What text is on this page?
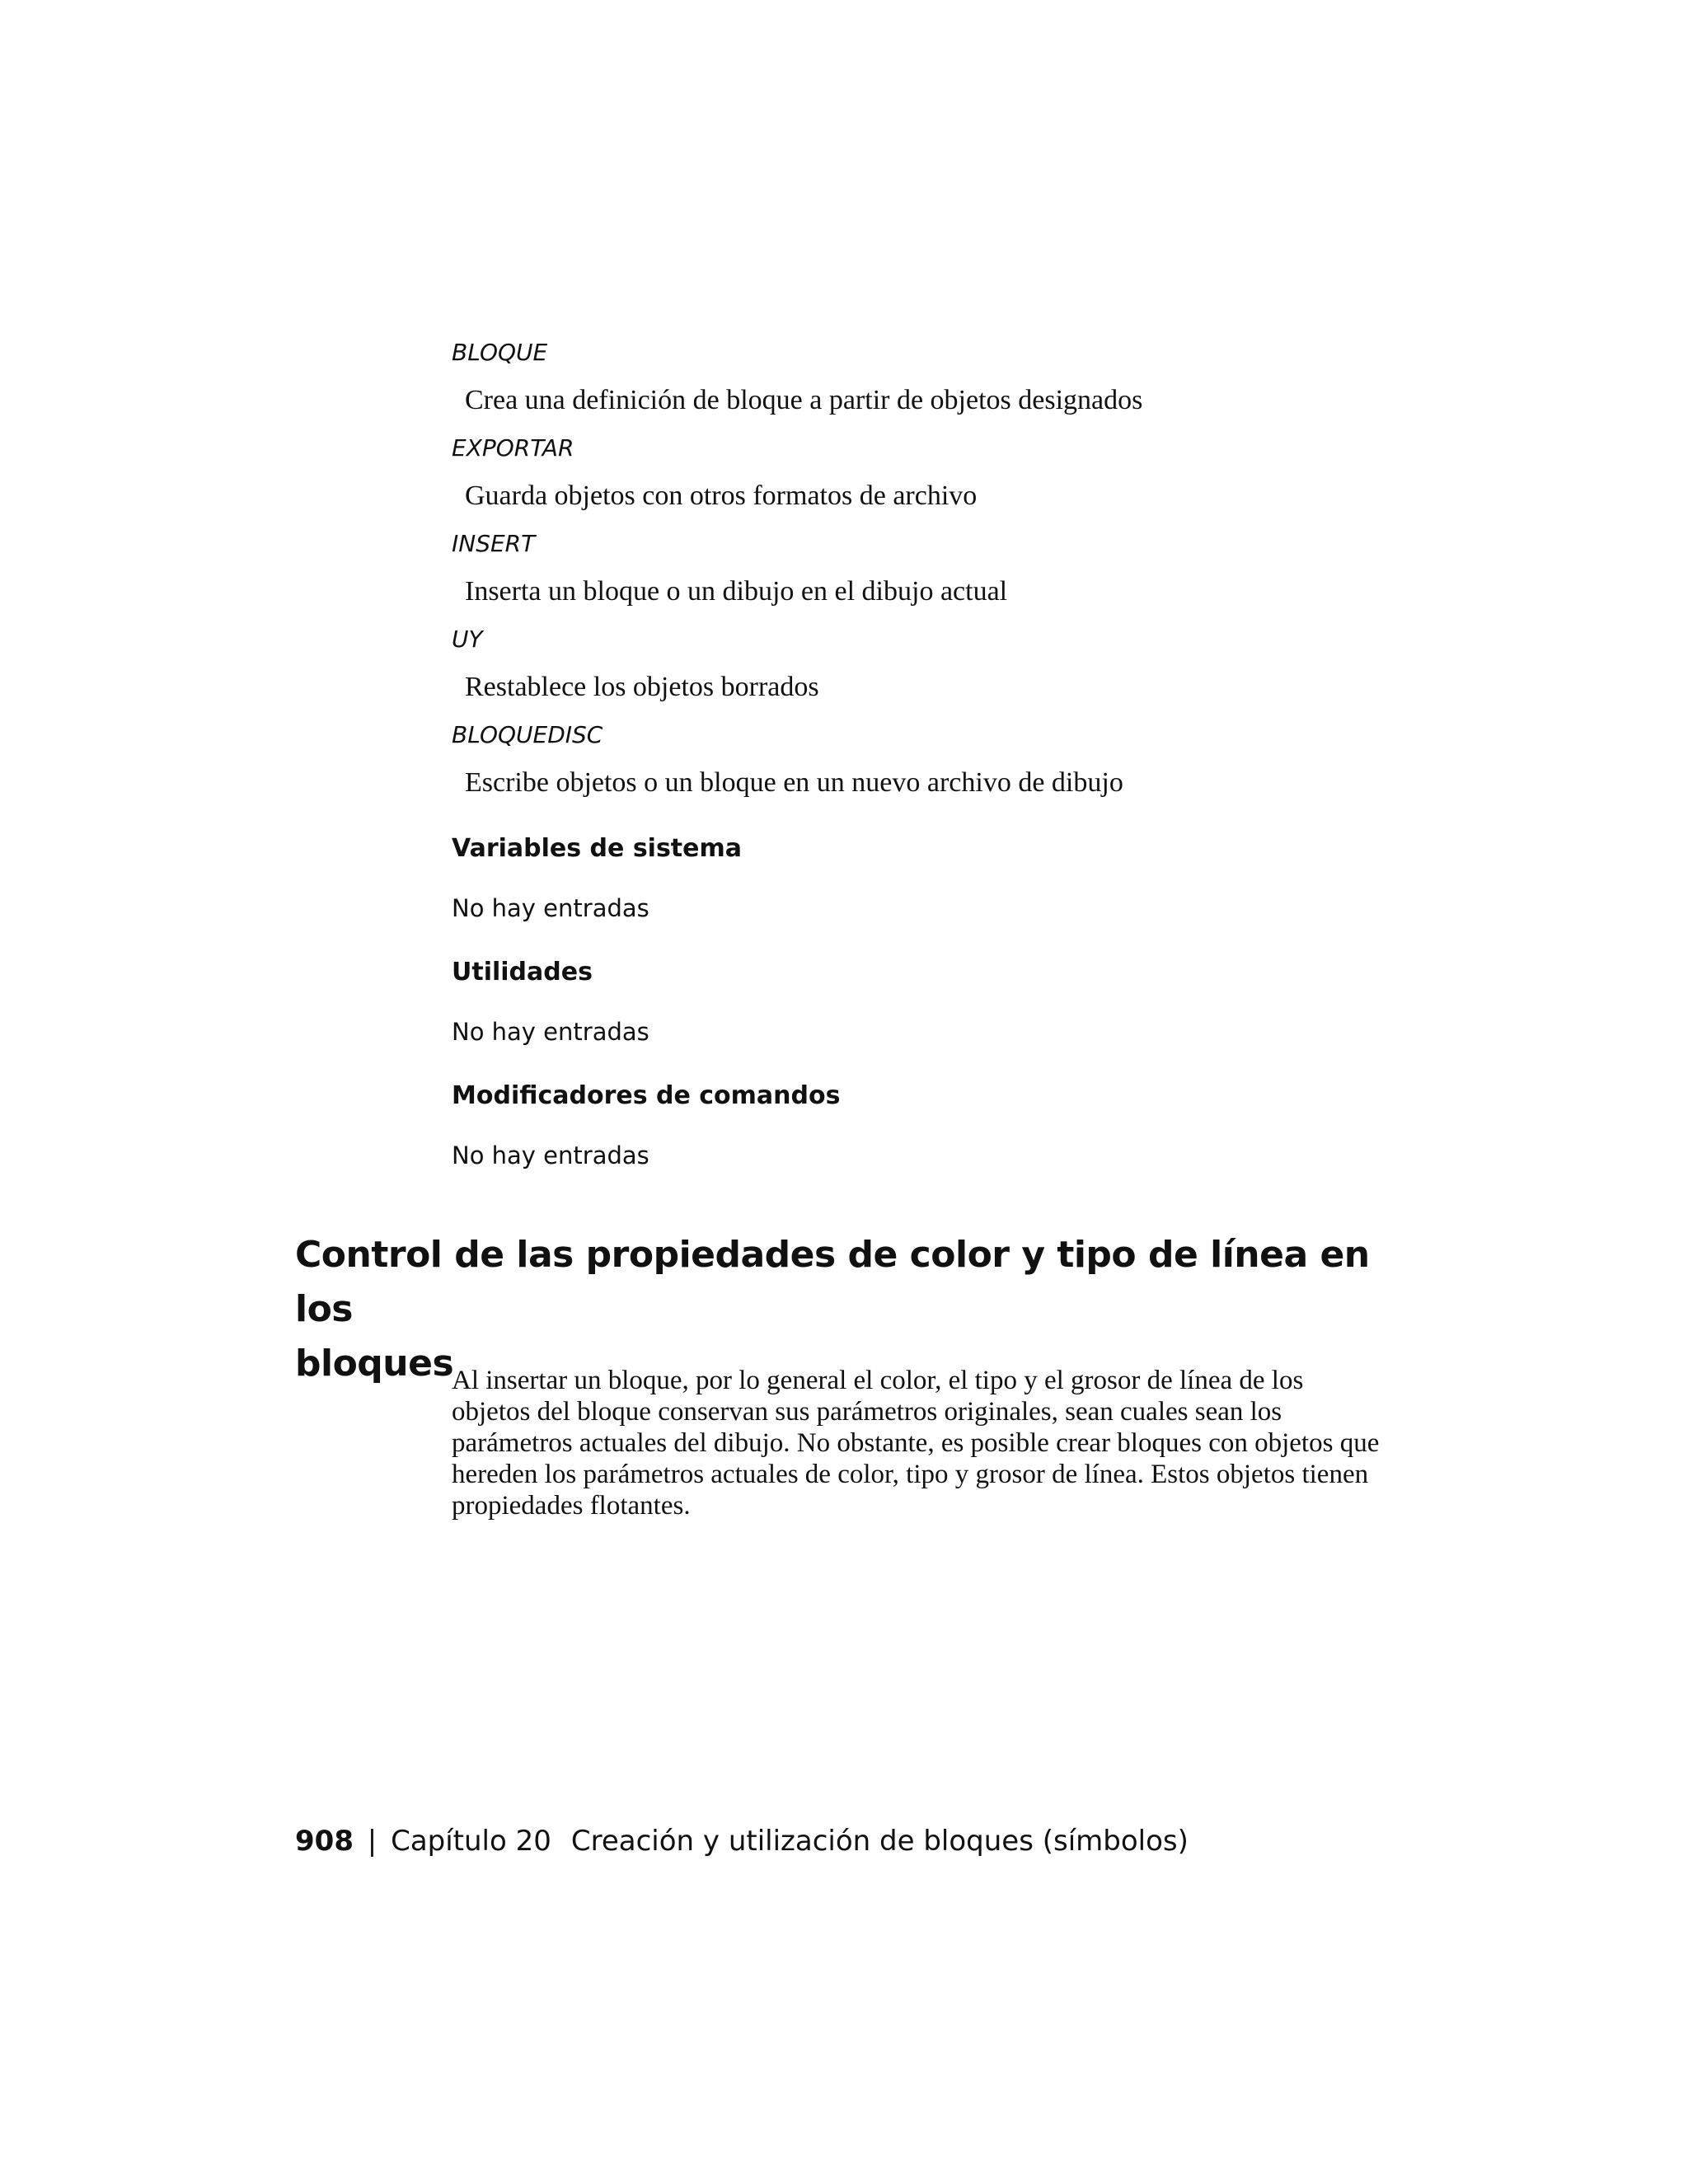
BLOQUE
Crea una definición de bloque a partir de objetos designados
EXPORTAR
Guarda objetos con otros formatos de archivo
INSERT
Inserta un bloque o un dibujo en el dibujo actual
UY
Restablece los objetos borrados
BLOQUEDISC
Escribe objetos o un bloque en un nuevo archivo de dibujo
Variables de sistema
No hay entradas
Utilidades
No hay entradas
Modificadores de comandos
No hay entradas
Control de las propiedades de color y tipo de línea en los
bloques
Al insertar un bloque, por lo general el color, el tipo y el grosor de línea de los objetos del bloque conservan sus parámetros originales, sean cuales sean los parámetros actuales del dibujo. No obstante, es posible crear bloques con objetos que hereden los parámetros actuales de color, tipo y grosor de línea. Estos objetos tienen propiedades flotantes.
908 | Capítulo 20 Creación y utilización de bloques (símbolos)
